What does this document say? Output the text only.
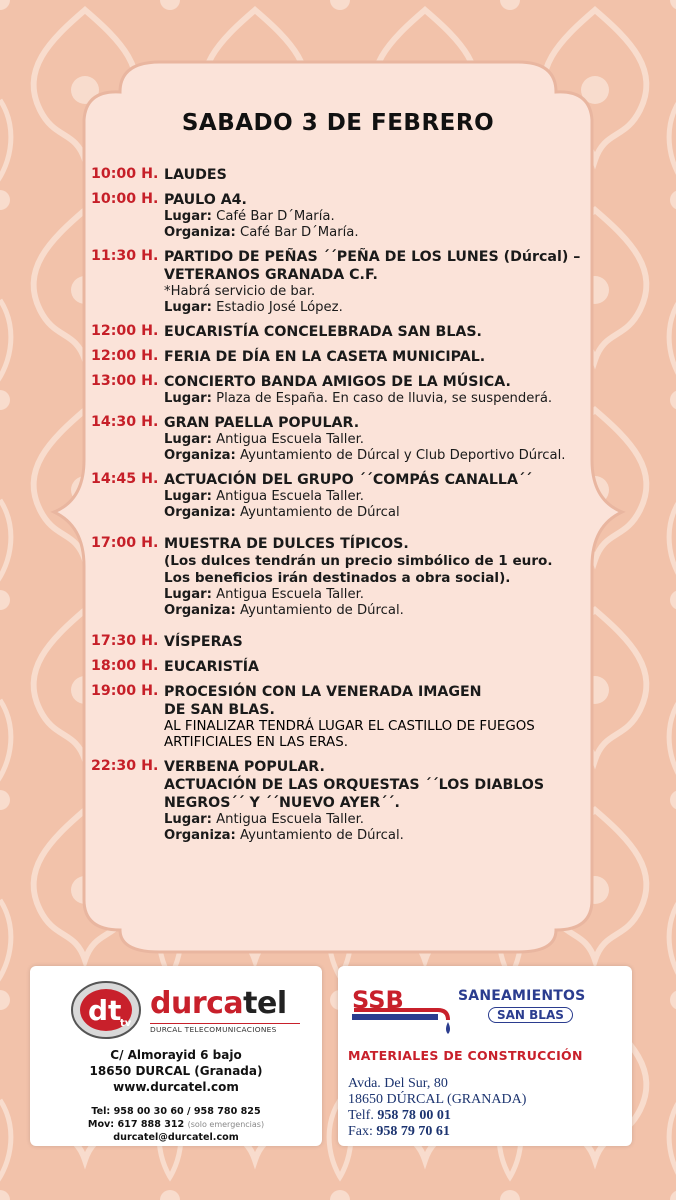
SABADO 3 DE FEBRERO
10:00 H. LAUDES
10:00 H. PAULO A4.
Lugar: Café Bar D´María.
Organiza: Café Bar D´María.
11:30 H. PARTIDO DE PEÑAS ´´PEÑA DE LOS LUNES (Dúrcal) –
VETERANOS GRANADA C.F.
*Habrá servicio de bar.
Lugar: Estadio José López.
12:00 H. EUCARISTÍA CONCELEBRADA SAN BLAS.
12:00 H. FERIA DE DÍA EN LA CASETA MUNICIPAL.
13:00 H. CONCIERTO BANDA AMIGOS DE LA MÚSICA.
Lugar: Plaza de España. En caso de lluvia, se suspenderá.
14:30 H. GRAN PAELLA POPULAR.
Lugar: Antigua Escuela Taller.
Organiza: Ayuntamiento de Dúrcal y Club Deportivo Dúrcal.
14:45 H. ACTUACIÓN DEL GRUPO ´´COMPÁS CANALLA´´
Lugar: Antigua Escuela Taller.
Organiza: Ayuntamiento de Dúrcal
17:00 H. MUESTRA DE DULCES TÍPICOS.
(Los dulces tendrán un precio simbólico de 1 euro.
Los beneficios irán destinados a obra social).
Lugar: Antigua Escuela Taller.
Organiza: Ayuntamiento de Dúrcal.
17:30 H. VÍSPERAS
18:00 H. EUCARISTÍA
19:00 H. PROCESIÓN CON LA VENERADA IMAGEN
DE SAN BLAS.
AL FINALIZAR TENDRÁ LUGAR EL CASTILLO DE FUEGOS
ARTIFICIALES EN LAS ERAS.
22:30 H. VERBENA POPULAR.
ACTUACIÓN DE LAS ORQUESTAS ´´LOS DIABLOS
NEGROS´´ Y ´´NUEVO AYER´´.
Lugar: Antigua Escuela Taller.
Organiza: Ayuntamiento de Dúrcal.
dt
tv
durcatel
DURCAL TELECOMUNICACIONES
C/ Almorayid 6 bajo
18650 DURCAL (Granada)
www.durcatel.com
Tel: 958 00 30 60 / 958 780 825
Mov: 617 888 312 (solo emergencias)
durcatel@durcatel.com
SSB	SANEAMIENTOS
SAN BLAS
MATERIALES DE CONSTRUCCIÓN
Avda. Del Sur, 80
18650 DÚRCAL (GRANADA)
Telf. 958 78 00 01
Fax: 958 79 70 61
